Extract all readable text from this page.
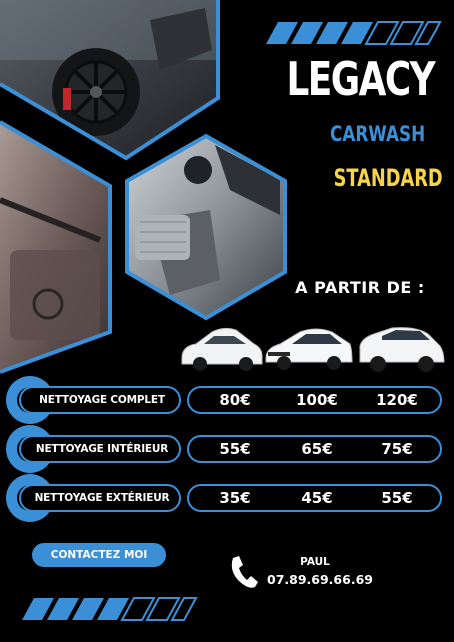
LEGACY
CARWASH
STANDARD
A PARTIR DE :
NETTOYAGE COMPLET	80€	100€	120€
NETTOYAGE INTÉRIEUR	55€	65€	75€
NETTOYAGE EXTÉRIEUR	35€	45€	55€
CONTACTEZ MOI
PAUL
07.89.69.66.69
